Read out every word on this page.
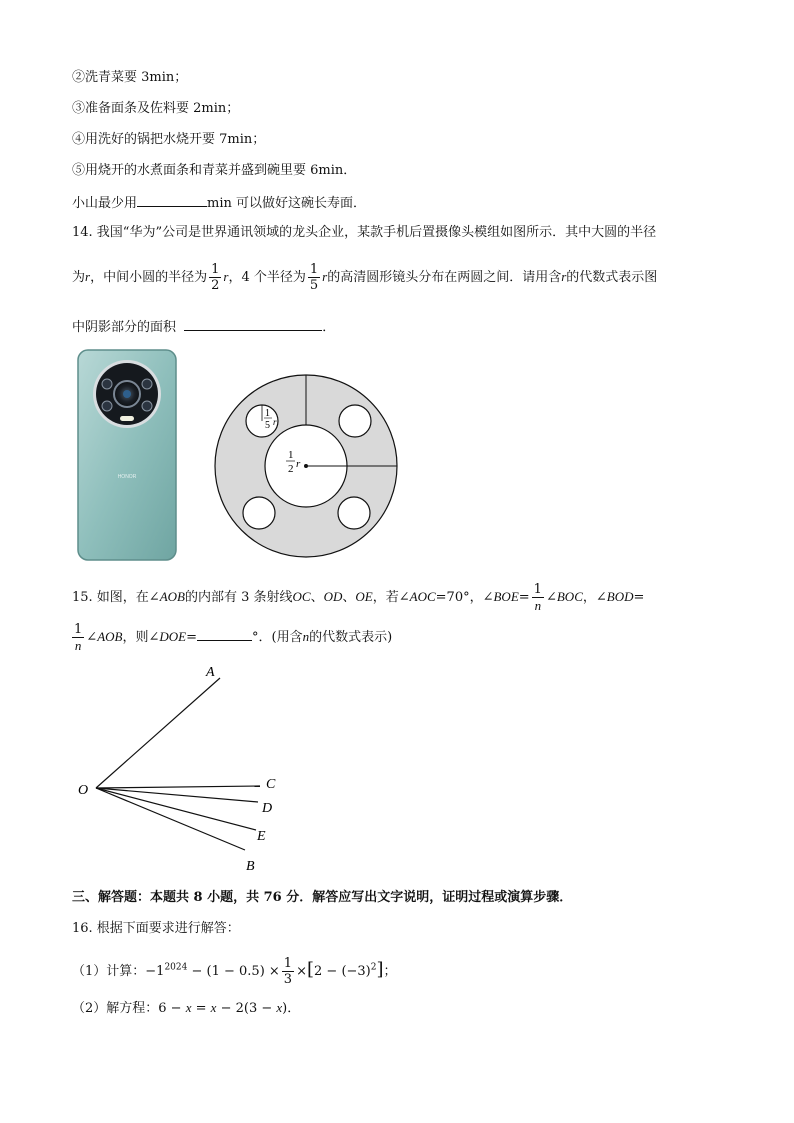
②洗青菜要 3min；
③准备面条及佐料要 2min；
④用洗好的锅把水烧开要 7min；
⑤用烧开的水煮面条和青菜并盛到碗里要 6min．
小山最少用	min 可以做好这碗长寿面．
14. 我国“华为”公司是世界通讯领域的龙头企业，某款手机后置摄像头模组如图所示．其中大圆的半径
为r，中间小圆的半径为 $\frac{1}{2}$ r，4 个半径为 $\frac{1}{5}$ r的高清圆形镜头分布在两圆之间．请用含r的代数式表示图
中阴影部分的面积	．
HONOR
1
5 r
1
2 r
15. 如图，在∠AOB的内部有 3 条射线OC、OD、OE，若∠AOC=70°，∠BOE= $\frac{1}{n}$ ∠BOC，∠BOD=
$\frac{1}{n}$ ∠AOB，则∠DOE=	°．(用含n的代数式表示)
A
O	C
D
E
B
三、解答题：本题共 8 小题，共 76 分．解答应写出文字说明，证明过程或演算步骤．
16. 根据下面要求进行解答：
（1）计算：$-1^{2024} - (1 - 0.5) \times \frac{1}{3} \times[2 - (-3)^2]$；
（2）解方程：6 − x = x − 2(3 − x)．
